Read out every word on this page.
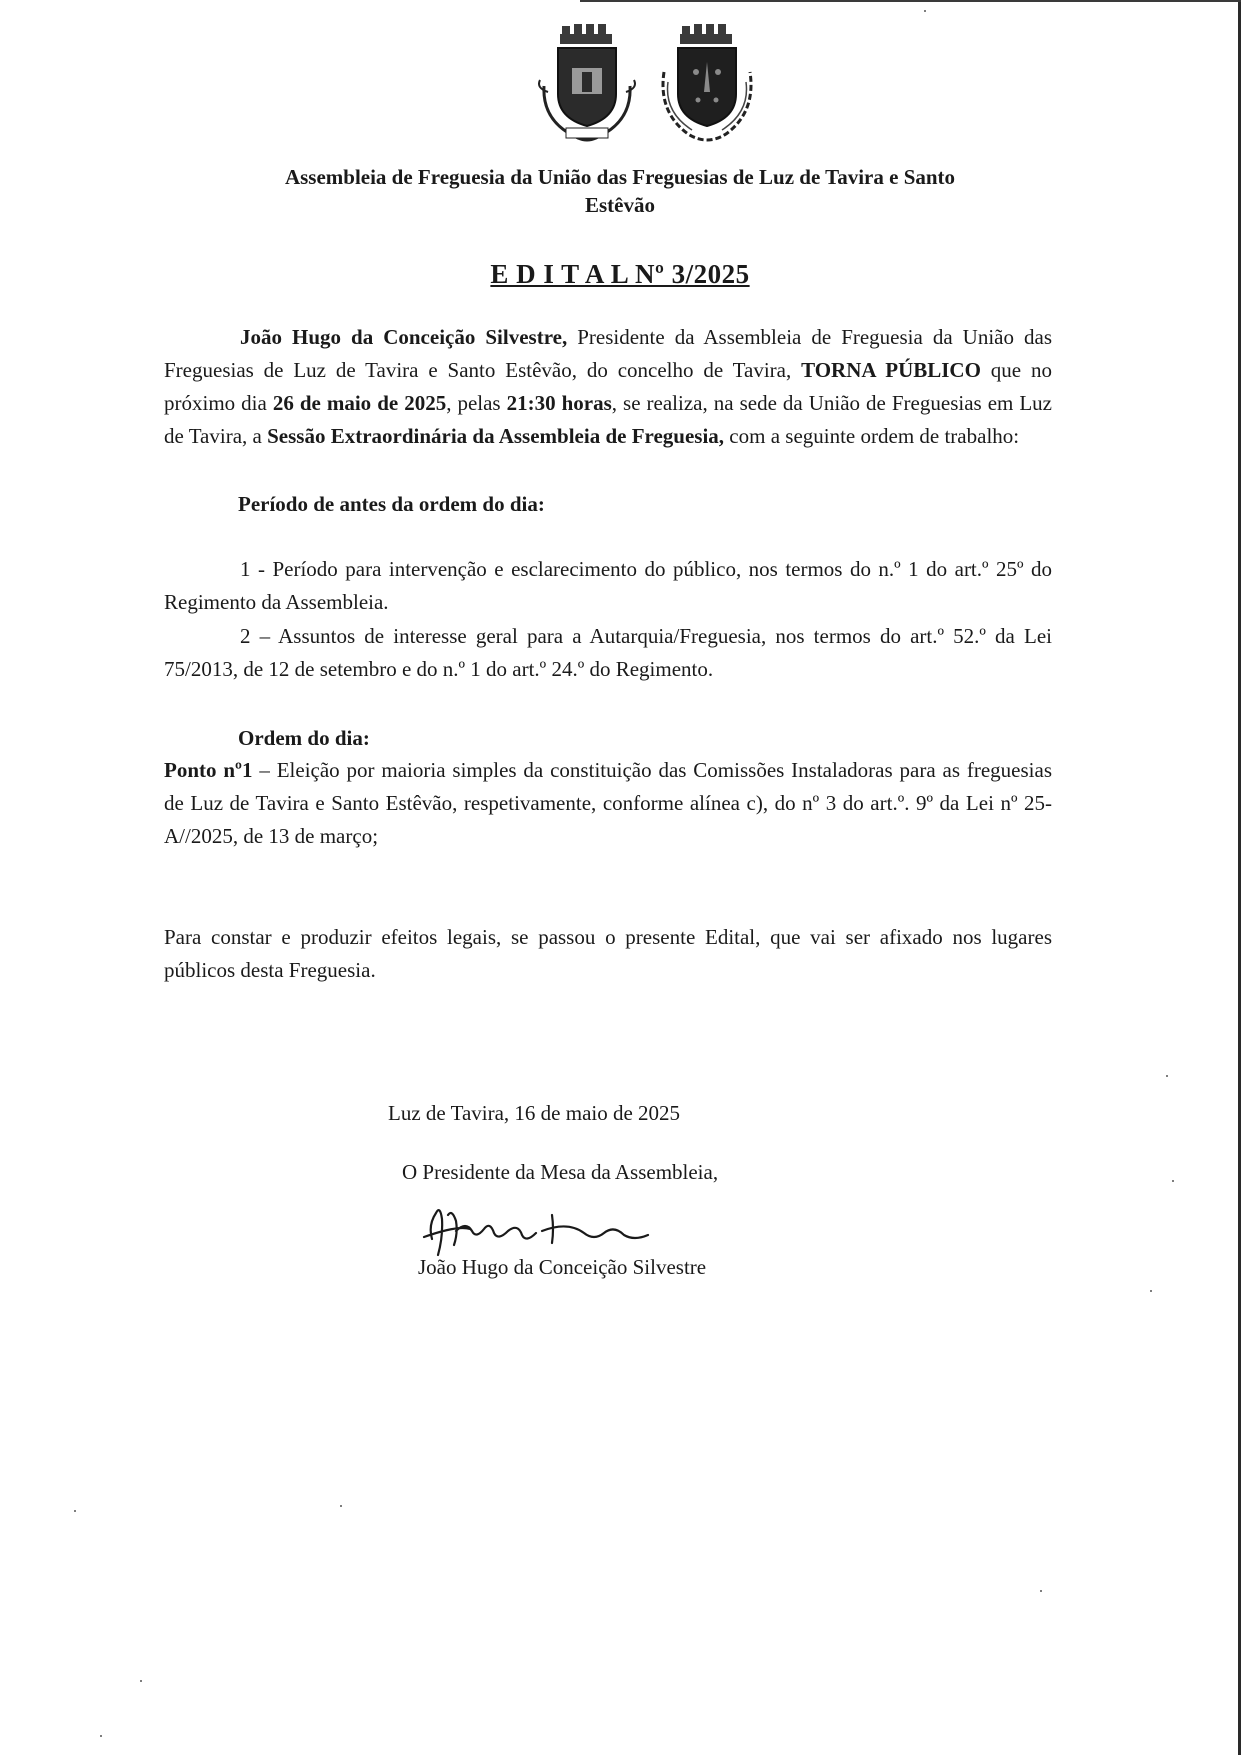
Assembleia de Freguesia da União das Freguesias de Luz de Tavira e Santo
Estêvão
E D I T A L Nº 3/2025
João Hugo da Conceição Silvestre, Presidente da Assembleia de Freguesia da União das Freguesias de Luz de Tavira e Santo Estêvão, do concelho de Tavira, TORNA PÚBLICO que no próximo dia 26 de maio de 2025, pelas 21:30 horas, se realiza, na sede da União de Freguesias em Luz de Tavira, a Sessão Extraordinária da Assembleia de Freguesia, com a seguinte ordem de trabalho:
Período de antes da ordem do dia:
1 - Período para intervenção e esclarecimento do público, nos termos do n.º 1 do art.º 25º do Regimento da Assembleia.
2 – Assuntos de interesse geral para a Autarquia/Freguesia, nos termos do art.º 52.º da Lei 75/2013, de 12 de setembro e do n.º 1 do art.º 24.º do Regimento.
Ordem do dia:
Ponto nº1 – Eleição por maioria simples da constituição das Comissões Instaladoras para as freguesias de Luz de Tavira e Santo Estêvão, respetivamente, conforme alínea c), do nº 3 do art.º. 9º da Lei nº 25-A//2025, de 13 de março;
Para constar e produzir efeitos legais, se passou o presente Edital, que vai ser afixado nos lugares públicos desta Freguesia.
Luz de Tavira, 16 de maio de 2025
O Presidente da Mesa da Assembleia,
João Hugo da Conceição Silvestre
